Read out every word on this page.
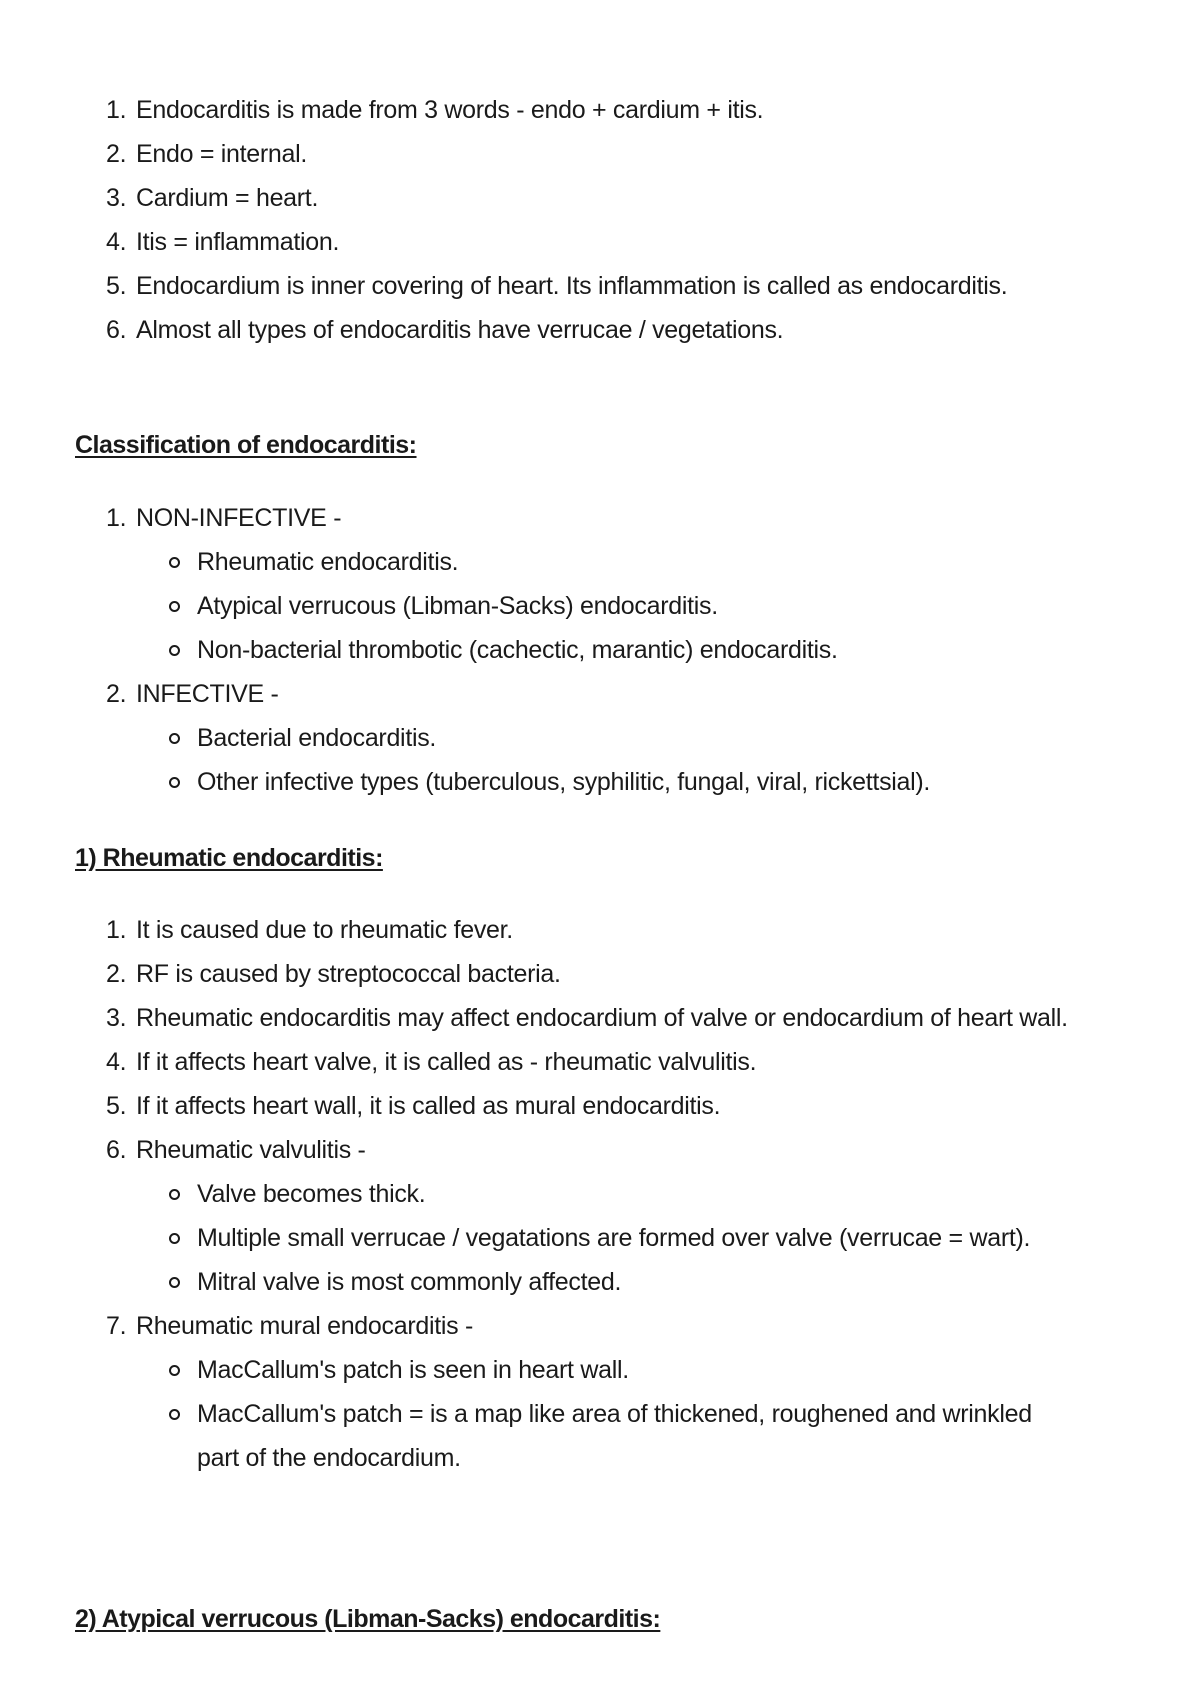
1. Endocarditis is made from 3 words - endo + cardium + itis.
2. Endo = internal.
3. Cardium = heart.
4. Itis = inflammation.
5. Endocardium is inner covering of heart. Its inflammation is called as endocarditis.
6. Almost all types of endocarditis have verrucae / vegetations.
Classification of endocarditis:
1. NON-INFECTIVE -
Rheumatic endocarditis.
Atypical verrucous (Libman-Sacks) endocarditis.
Non-bacterial thrombotic (cachectic, marantic) endocarditis.
2. INFECTIVE -
Bacterial endocarditis.
Other infective types (tuberculous, syphilitic, fungal, viral, rickettsial).
1) Rheumatic endocarditis:
1. It is caused due to rheumatic fever.
2. RF is caused by streptococcal bacteria.
3. Rheumatic endocarditis may affect endocardium of valve or endocardium of heart wall.
4. If it affects heart valve, it is called as - rheumatic valvulitis.
5. If it affects heart wall, it is called as mural endocarditis.
6. Rheumatic valvulitis -
Valve becomes thick.
Multiple small verrucae / vegatations are formed over valve (verrucae = wart).
Mitral valve is most commonly affected.
7. Rheumatic mural endocarditis -
MacCallum's patch is seen in heart wall.
MacCallum's patch = is a map like area of thickened, roughened and wrinkled part of the endocardium.
2) Atypical verrucous (Libman-Sacks) endocarditis:
